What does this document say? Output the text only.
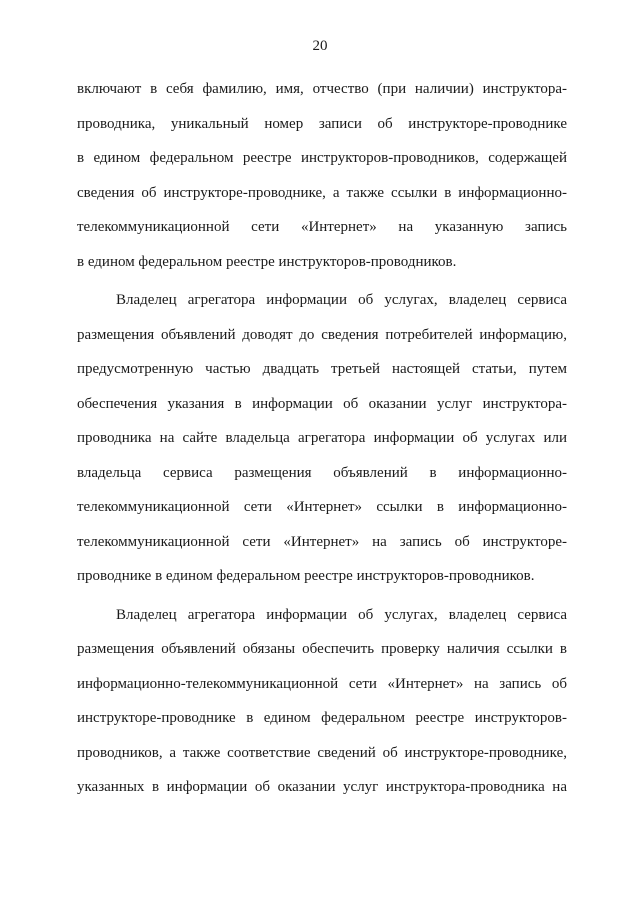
20

включают в себя фамилию, имя, отчество (при наличии) инструктора-
проводника, уникальный номер записи об инструкторе-проводнике
в едином федеральном реестре инструкторов-проводников, содержащей
сведения об инструкторе-проводнике, а также ссылки в информационно-
телекоммуникационной сети «Интернет» на указанную запись
в едином федеральном реестре инструкторов-проводников.

Владелец агрегатора информации об услугах, владелец сервиса
размещения объявлений доводят до сведения потребителей информацию,
предусмотренную частью двадцать третьей настоящей статьи, путем
обеспечения указания в информации об оказании услуг инструктора-
проводника на сайте владельца агрегатора информации об услугах или
владельца сервиса размещения объявлений в информационно-
телекоммуникационной сети «Интернет» ссылки в информационно-
телекоммуникационной сети «Интернет» на запись об инструкторе-
проводнике в едином федеральном реестре инструкторов-проводников.

Владелец агрегатора информации об услугах, владелец сервиса
размещения объявлений обязаны обеспечить проверку наличия ссылки в
информационно-телекоммуникационной сети «Интернет» на запись об
инструкторе-проводнике в едином федеральном реестре инструкторов-
проводников, а также соответствие сведений об инструкторе-проводнике,
указанных в информации об оказании услуг инструктора-проводника на
